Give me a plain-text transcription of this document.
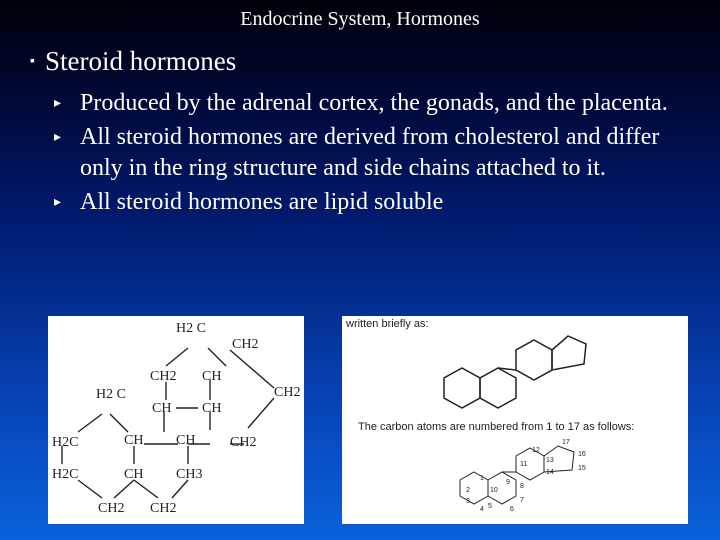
Endocrine System, Hormones
▪ Steroid hormones
▸ Produced by the adrenal cortex, the gonads, and the placenta.
▸ All steroid hormones are derived from cholesterol and differ only in the ring structure and side chains attached to it.
▸ All steroid hormones are lipid soluble
H2 C
CH2
CH2 CH
CH2
H2 C
CH CH
H2C	CH CH CH2
H2C	CH CH3
CH2 CH2
written briefly as:
The carbon atoms are numbered from 1 to 17 as follows:
1
2
3
4 5	6
7
8
9
10
11
12
13
14
15
16
17
